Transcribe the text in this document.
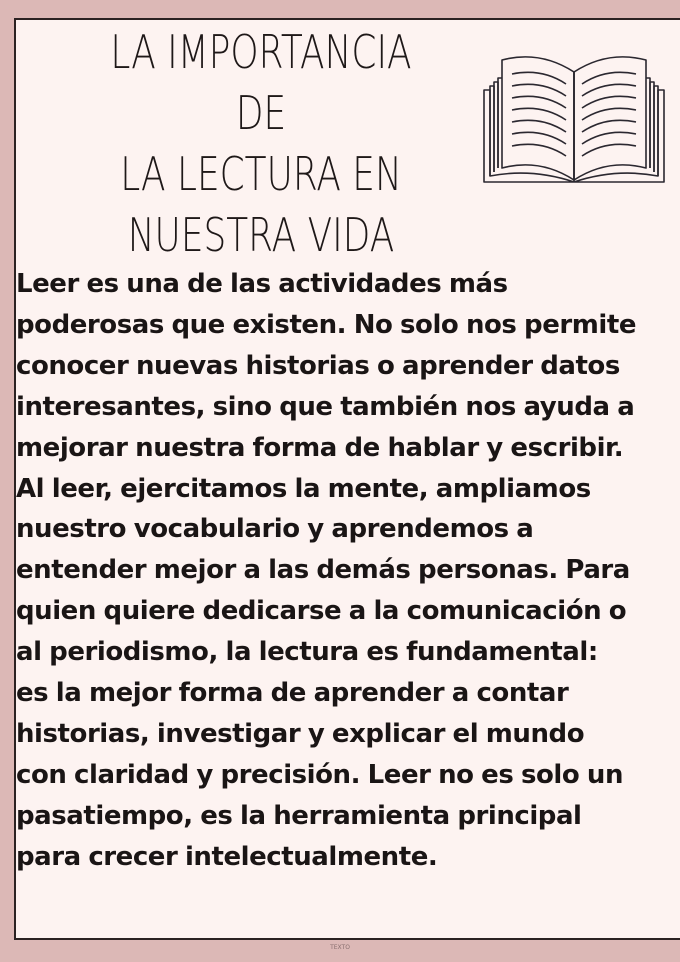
LA IMPORTANCIA DE
LA LECTURA EN
NUESTRA VIDA

Leer es una de las actividades más
poderosas que existen. No solo nos permite
conocer nuevas historias o aprender datos
interesantes, sino que también nos ayuda a
mejorar nuestra forma de hablar y escribir.
Al leer, ejercitamos la mente, ampliamos
nuestro vocabulario y aprendemos a
entender mejor a las demás personas. Para
quien quiere dedicarse a la comunicación o
al periodismo, la lectura es fundamental:
es la mejor forma de aprender a contar
historias, investigar y explicar el mundo
con claridad y precisión. Leer no es solo un
pasatiempo, es la herramienta principal
para crecer intelectualmente.

TEXTO
